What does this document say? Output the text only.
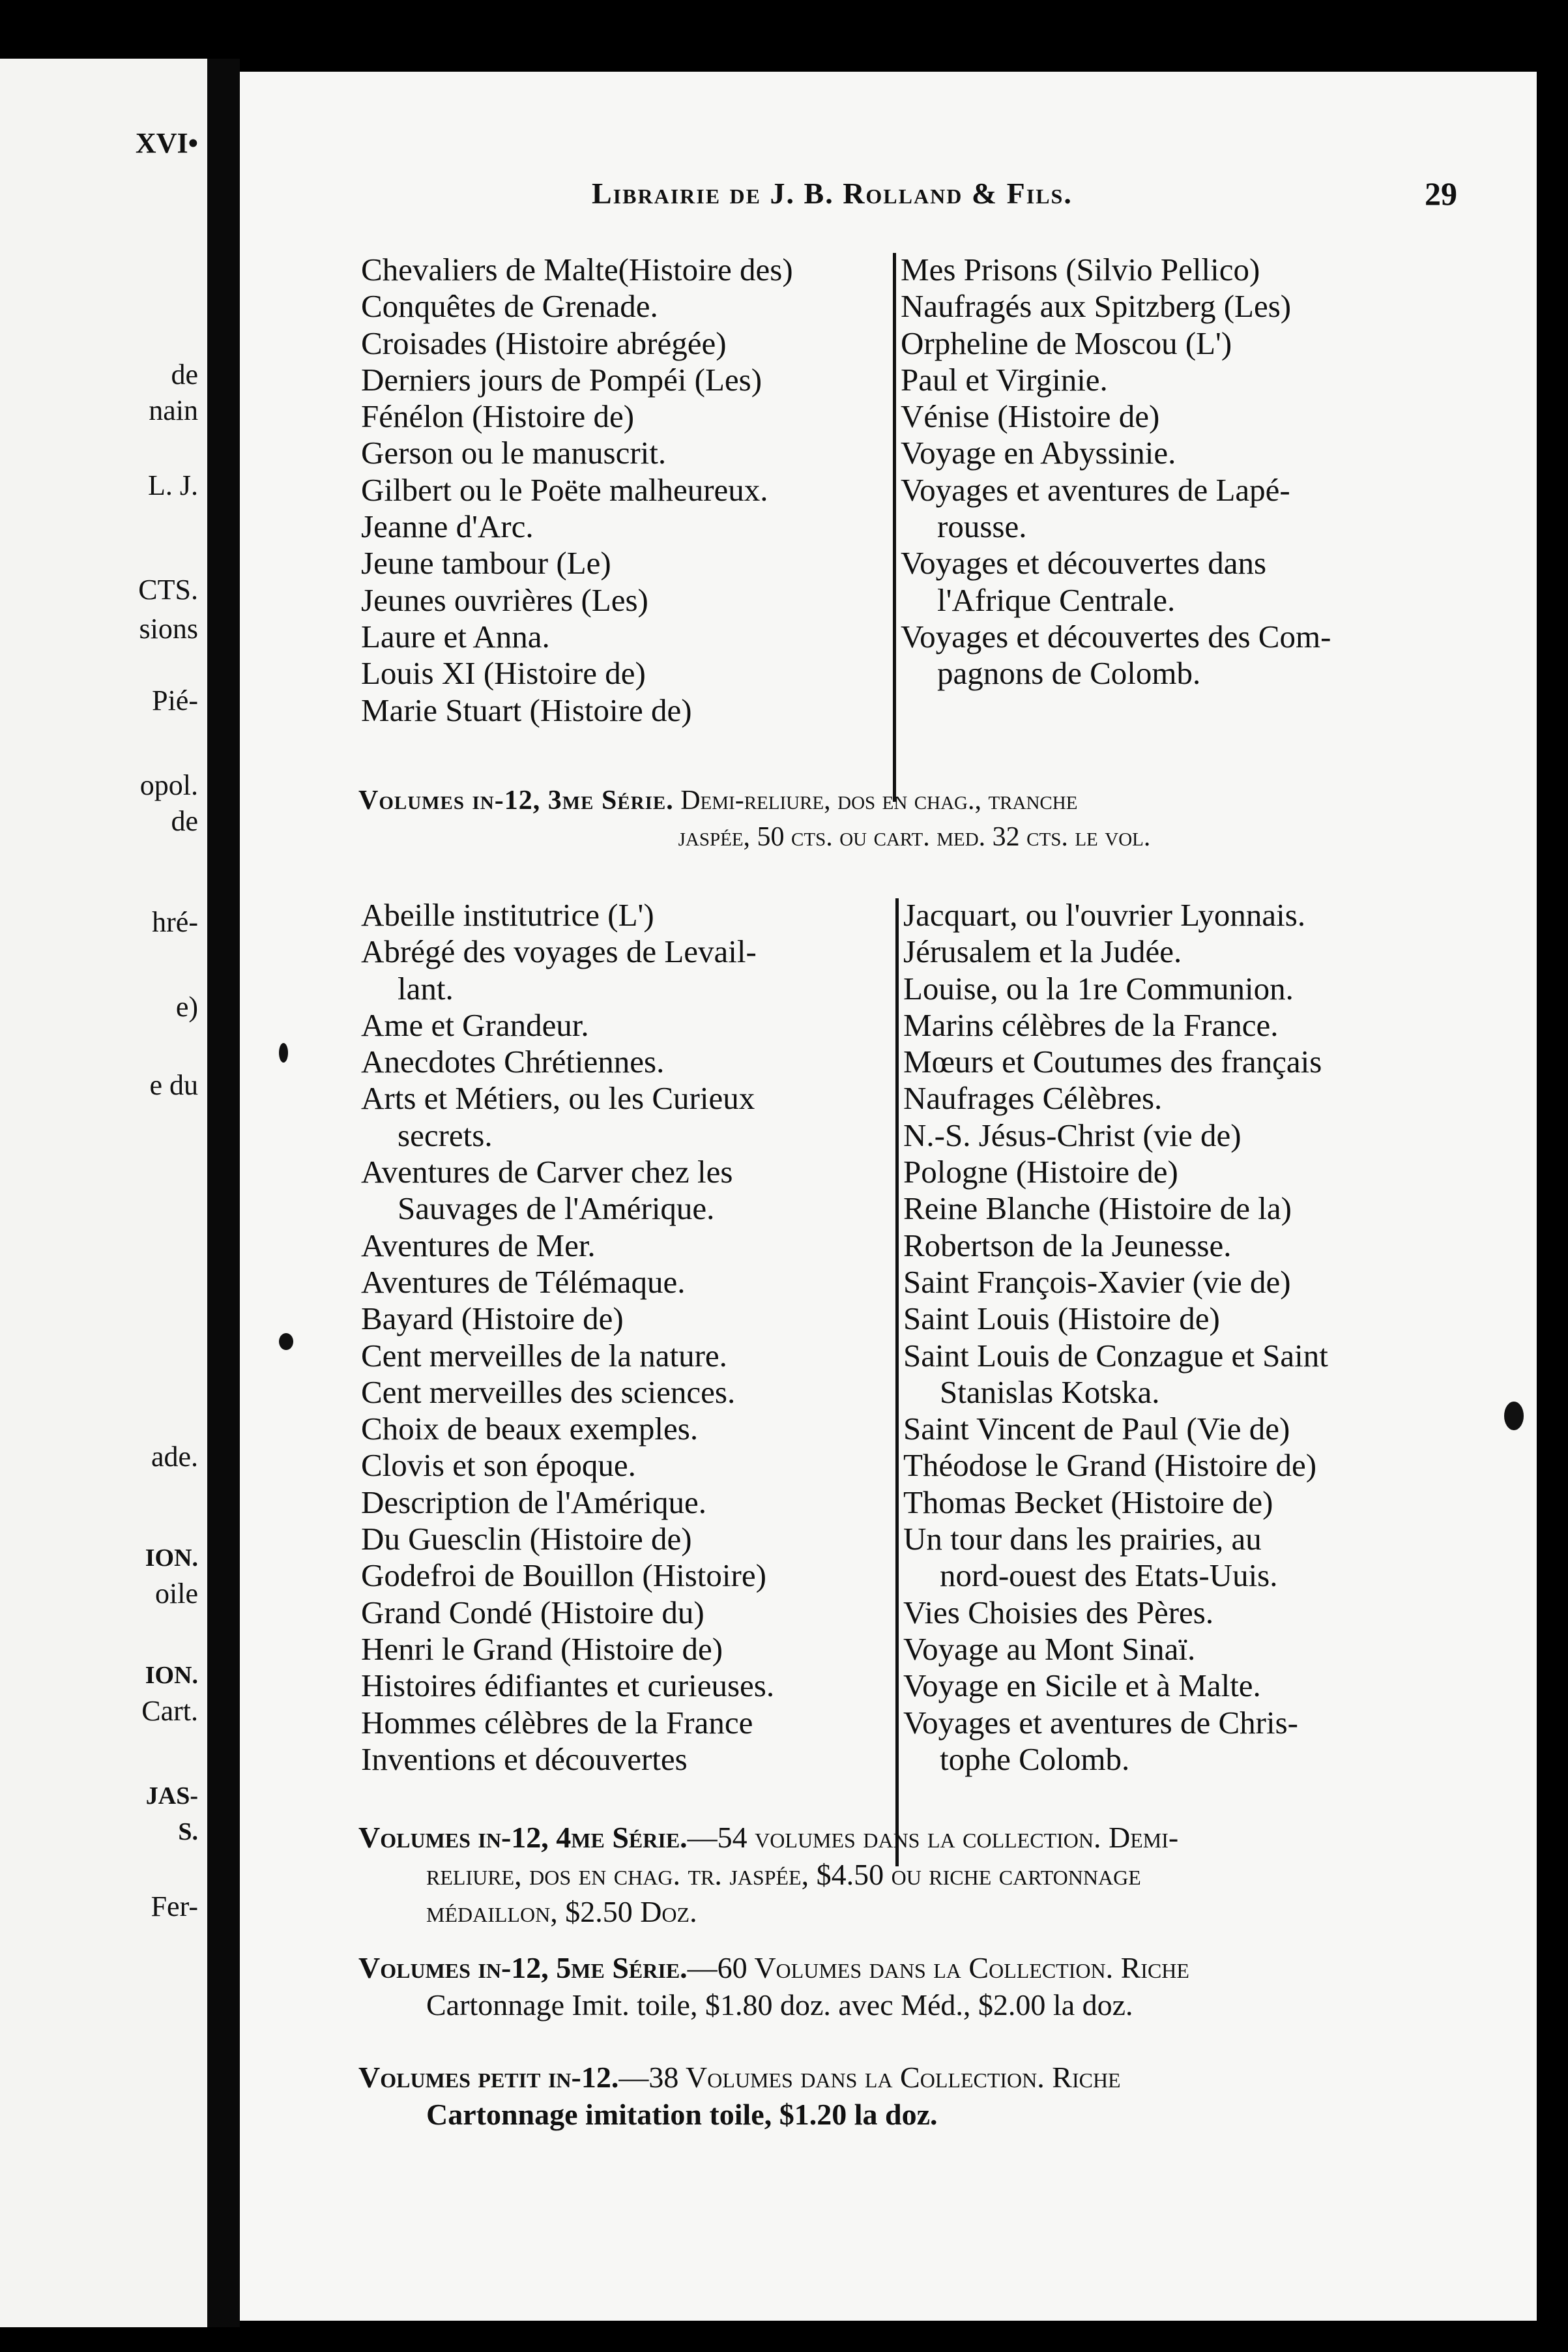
XVI•
de
nain
L. J.
CTS.
sions
Pié-
opol.
de
hré-
e)
e du
ade.
ION.
oile
ION.
Cart.
JAS-
S.
Fer-
Librairie de J. B. Rolland & Fils.	29
Chevaliers de Malte(Histoire des)
Conquêtes de Grenade.
Croisades (Histoire abrégée)
Derniers jours de Pompéi (Les)
Fénélon (Histoire de)
Gerson ou le manuscrit.
Gilbert ou le Poëte malheureux.
Jeanne d'Arc.
Jeune tambour (Le)
Jeunes ouvrières (Les)
Laure et Anna.
Louis XI (Histoire de)
Marie Stuart (Histoire de)
Mes Prisons (Silvio Pellico)
Naufragés aux Spitzberg (Les)
Orpheline de Moscou (L')
Paul et Virginie.
Vénise (Histoire de)
Voyage en Abyssinie.
Voyages et aventures de Lapé-
rousse.
Voyages et découvertes dans
l'Afrique Centrale.
Voyages et découvertes des Com-
pagnons de Colomb.
Volumes in-12, 3me Série. Demi-reliure, dos en chag., tranche
jaspée, 50 cts. ou cart. med. 32 cts. le vol.
Abeille institutrice (L')
Abrégé des voyages de Levail-
lant.
Ame et Grandeur.
Anecdotes Chrétiennes.
Arts et Métiers, ou les Curieux
secrets.
Aventures de Carver chez les
Sauvages de l'Amérique.
Aventures de Mer.
Aventures de Télémaque.
Bayard (Histoire de)
Cent merveilles de la nature.
Cent merveilles des sciences.
Choix de beaux exemples.
Clovis et son époque.
Description de l'Amérique.
Du Guesclin (Histoire de)
Godefroi de Bouillon (Histoire)
Grand Condé (Histoire du)
Henri le Grand (Histoire de)
Histoires édifiantes et curieuses.
Hommes célèbres de la France
Inventions et découvertes
Jacquart, ou l'ouvrier Lyonnais.
Jérusalem et la Judée.
Louise, ou la 1re Communion.
Marins célèbres de la France.
Mœurs et Coutumes des français
Naufrages Célèbres.
N.-S. Jésus-Christ (vie de)
Pologne (Histoire de)
Reine Blanche (Histoire de la)
Robertson de la Jeunesse.
Saint François-Xavier (vie de)
Saint Louis (Histoire de)
Saint Louis de Conzague et Saint
Stanislas Kotska.
Saint Vincent de Paul (Vie de)
Théodose le Grand (Histoire de)
Thomas Becket (Histoire de)
Un tour dans les prairies, au
nord-ouest des Etats-Uuis.
Vies Choisies des Pères.
Voyage au Mont Sinaï.
Voyage en Sicile et à Malte.
Voyages et aventures de Chris-
tophe Colomb.
Volumes in-12, 4me Série.—54 volumes dans la collection. Demi-
reliure, dos en chag. tr. jaspée, $4.50 ou riche cartonnage
médaillon, $2.50 Doz.
Volumes in-12, 5me Série.—60 Volumes dans la Collection. Riche
Cartonnage Imit. toile, $1.80 doz. avec Méd., $2.00 la doz.
Volumes petit in-12.—38 Volumes dans la Collection. Riche
Cartonnage imitation toile, $1.20 la doz.
